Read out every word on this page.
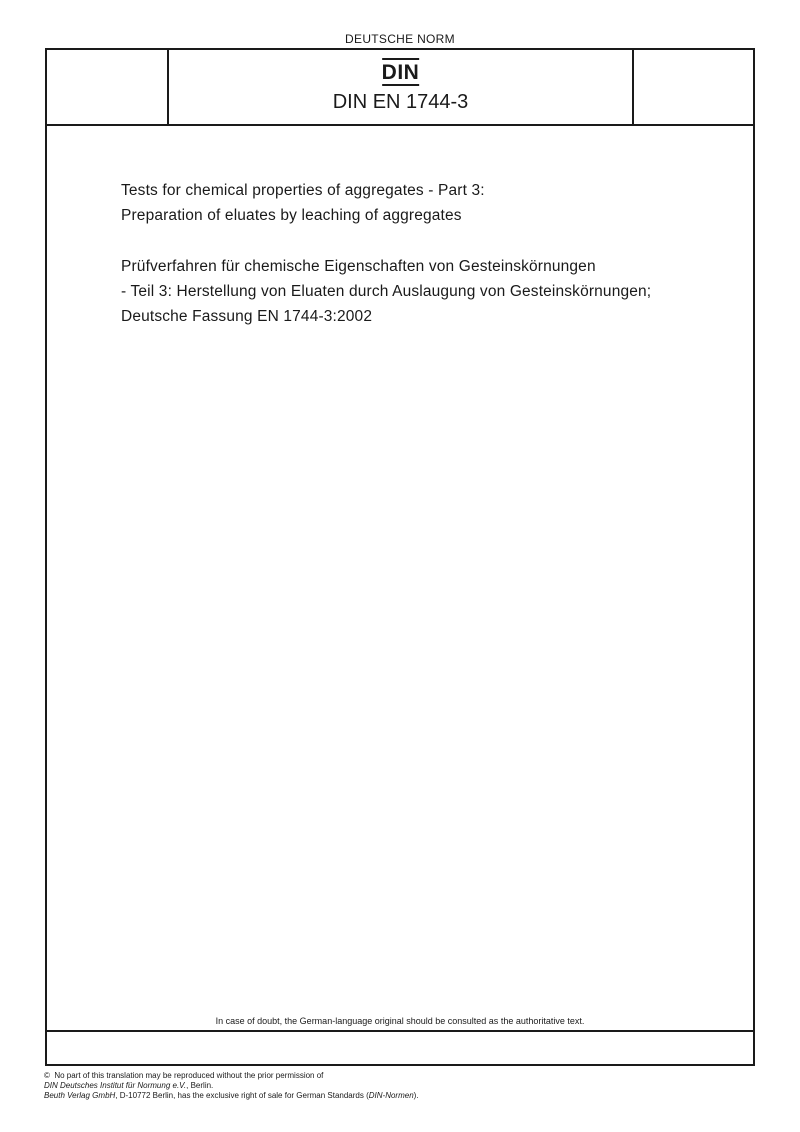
DEUTSCHE NORM
DIN
DIN EN 1744-3
Tests for chemical properties of aggregates - Part 3:
Preparation of eluates by leaching of aggregates
Prüfverfahren für chemische Eigenschaften von Gesteinskörnungen
- Teil 3: Herstellung von Eluaten durch Auslaugung von Gesteinskörnungen;
Deutsche Fassung EN 1744-3:2002
In case of doubt, the German-language original should be consulted as the authoritative text.
© No part of this translation may be reproduced without the prior permission of
DIN Deutsches Institut für Normung e.V., Berlin.
Beuth Verlag GmbH, D-10772 Berlin, has the exclusive right of sale for German Standards (DIN-Normen).
